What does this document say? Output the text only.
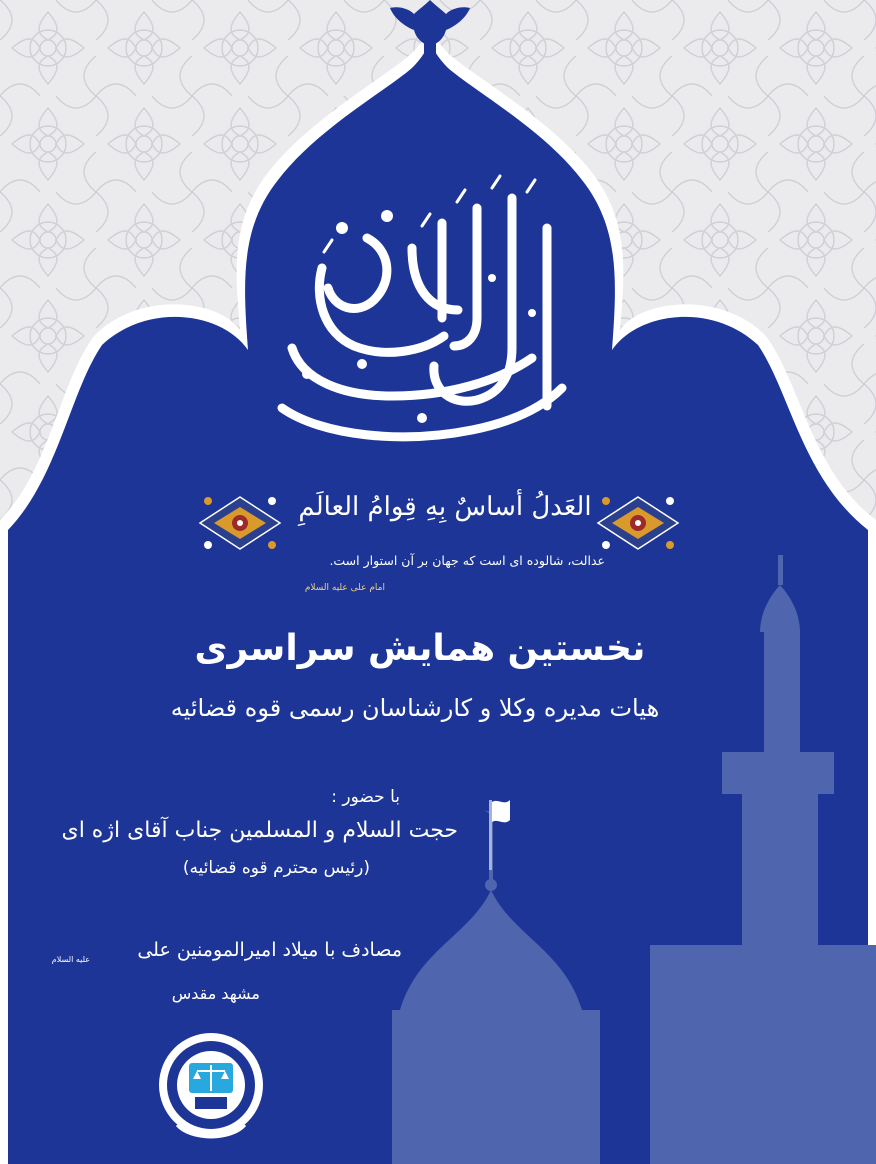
العَدلُ أساسٌ بِهِ قِوامُ العالَمِ
عدالت، شالوده ای است که جهان بر آن استوار است.
امام علی علیه السلام
نخستین همایش سراسری
هیات مدیره وکلا و کارشناسان رسمی قوه قضائیه
با حضور :
حجت السلام و المسلمین جناب آقای اژه ای
(رئیس محترم قوه قضائیه)
مصادف با میلاد امیرالمومنین علی
علیه السلام
مشهد مقدس
